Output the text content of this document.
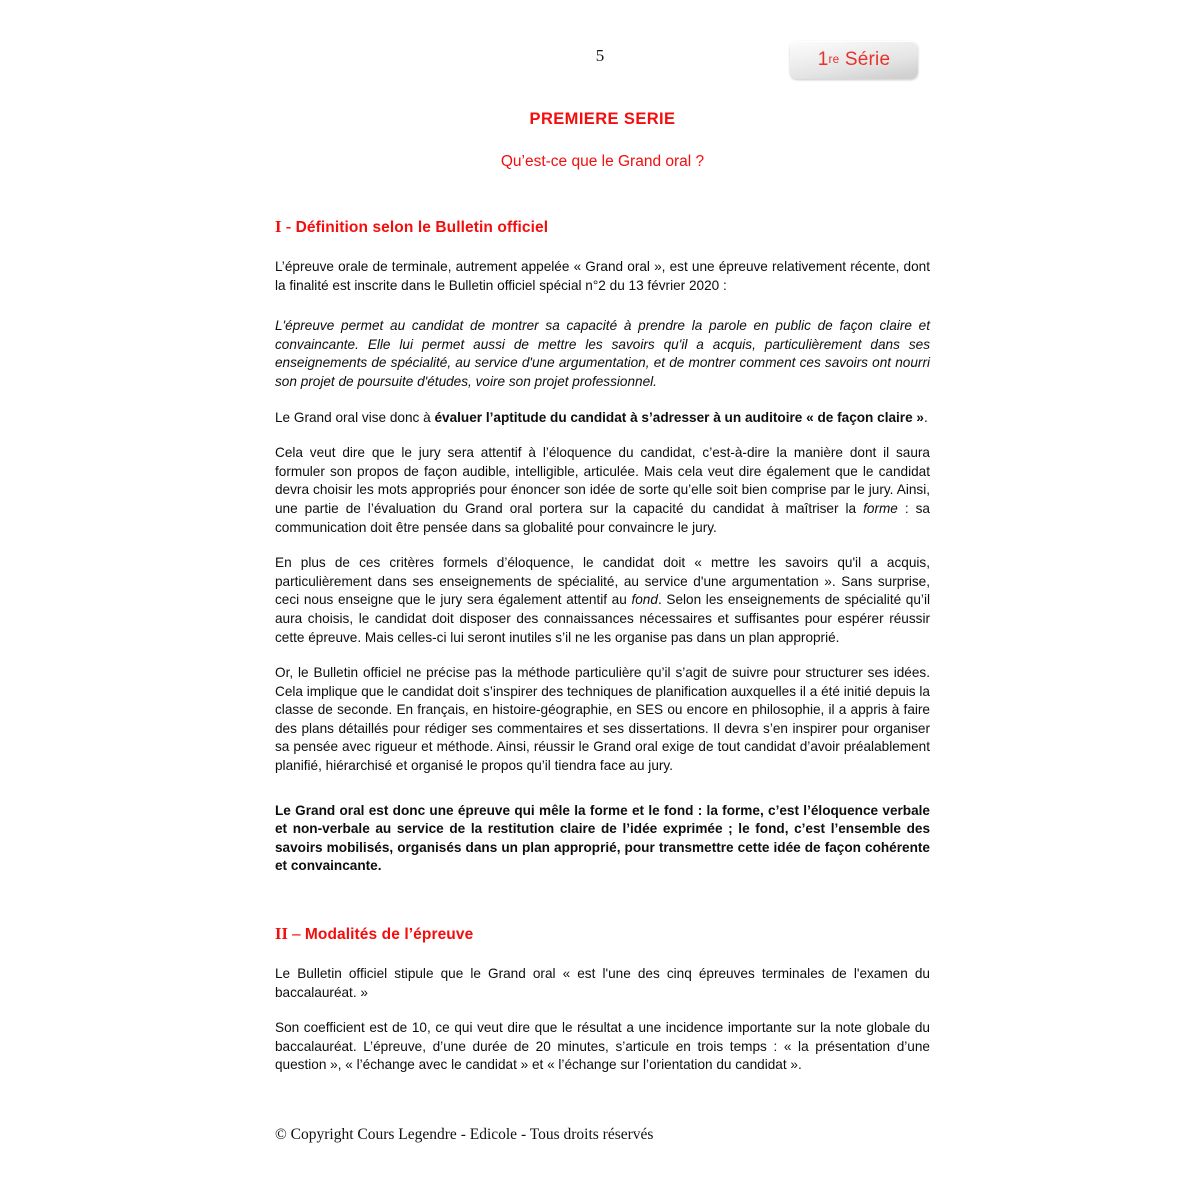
5	1 re
Série
PREMIERE SERIE

Qu’est-ce que le Grand oral ?

I - Définition selon le Bulletin officiel

L’épreuve orale de terminale, autrement appelée « Grand oral », est une épreuve relativement récente, dont la finalité est inscrite dans le Bulletin officiel spécial n°2 du 13 février 2020 :

L'épreuve permet au candidat de montrer sa capacité à prendre la parole en public de façon claire et convaincante. Elle lui permet aussi de mettre les savoirs qu'il a acquis, particulièrement dans ses enseignements de spécialité, au service d'une argumentation, et de montrer comment ces savoirs ont nourri son projet de poursuite d'études, voire son projet professionnel.

Le Grand oral vise donc à évaluer l’aptitude du candidat à s’adresser à un auditoire « de façon claire ».

Cela veut dire que le jury sera attentif à l’éloquence du candidat, c’est-à-dire la manière dont il saura formuler son propos de façon audible, intelligible, articulée. Mais cela veut dire également que le candidat devra choisir les mots appropriés pour énoncer son idée de sorte qu’elle soit bien comprise par le jury. Ainsi, une partie de l’évaluation du Grand oral portera sur la capacité du candidat à maîtriser la forme : sa communication doit être pensée dans sa globalité pour convaincre le jury.

En plus de ces critères formels d’éloquence, le candidat doit « mettre les savoirs qu'il a acquis, particulièrement dans ses enseignements de spécialité, au service d'une argumentation ». Sans surprise, ceci nous enseigne que le jury sera également attentif au fond. Selon les enseignements de spécialité qu’il aura choisis, le candidat doit disposer des connaissances nécessaires et suffisantes pour espérer réussir cette épreuve. Mais celles-ci lui seront inutiles s’il ne les organise pas dans un plan approprié.

Or, le Bulletin officiel ne précise pas la méthode particulière qu’il s’agit de suivre pour structurer ses idées. Cela implique que le candidat doit s’inspirer des techniques de planification auxquelles il a été initié depuis la classe de seconde. En français, en histoire-géographie, en SES ou encore en philosophie, il a appris à faire des plans détaillés pour rédiger ses commentaires et ses dissertations. Il devra s’en inspirer pour organiser sa pensée avec rigueur et méthode. Ainsi, réussir le Grand oral exige de tout candidat d’avoir préalablement planifié, hiérarchisé et organisé le propos qu’il tiendra face au jury.

Le Grand oral est donc une épreuve qui mêle la forme et le fond : la forme, c’est l’éloquence verbale et non-verbale au service de la restitution claire de l’idée exprimée ; le fond, c’est l’ensemble des savoirs mobilisés, organisés dans un plan approprié, pour transmettre cette idée de façon cohérente et convaincante.

II – Modalités de l’épreuve

Le Bulletin officiel stipule que le Grand oral « est l'une des cinq épreuves terminales de l'examen du baccalauréat. »

Son coefficient est de 10, ce qui veut dire que le résultat a une incidence importante sur la note globale du baccalauréat. L’épreuve, d’une durée de 20 minutes, s’articule en trois temps : « la présentation d’une question », « l’échange avec le candidat » et « l’échange sur l’orientation du candidat ».

© Copyright Cours Legendre - Edicole - Tous droits réservés
